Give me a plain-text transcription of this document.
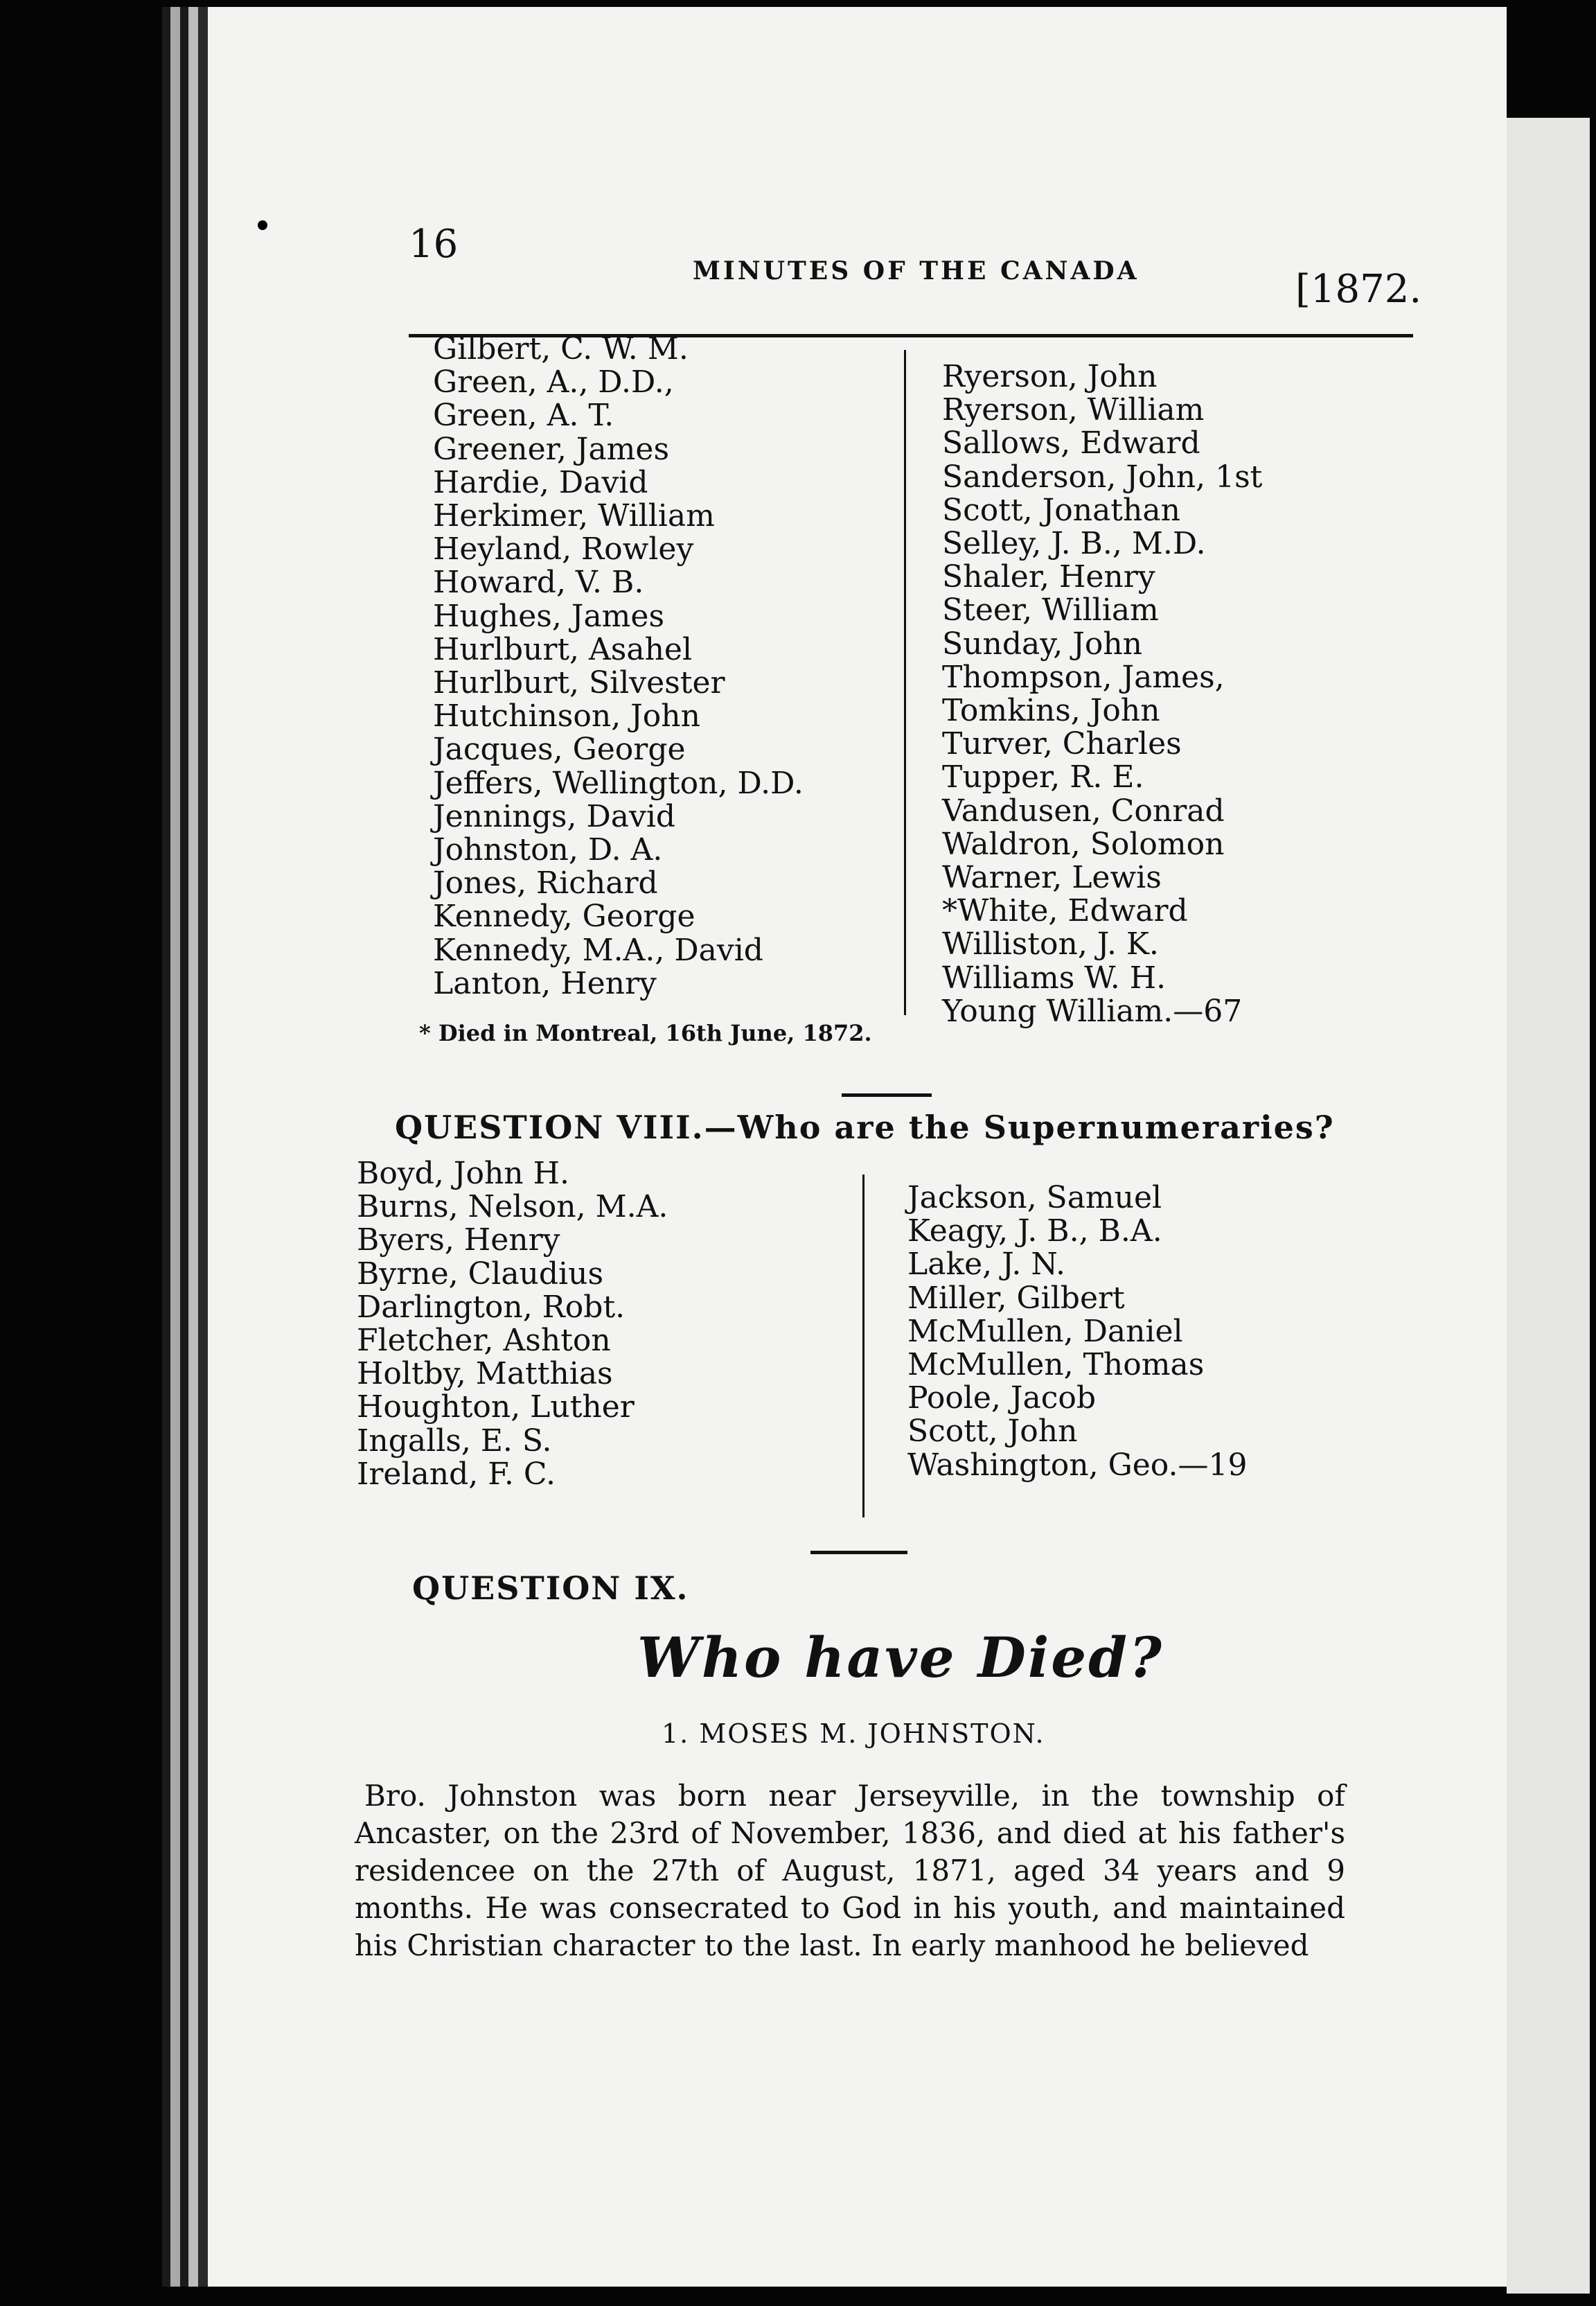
16
MINUTES OF THE CANADA	[1872.
Gilbert, C. W. M.
Green, A., D.D.,
Green, A. T.
Greener, James
Hardie, David
Herkimer, William
Heyland, Rowley
Howard, V. B.
Hughes, James
Hurlburt, Asahel
Hurlburt, Silvester
Hutchinson, John
Jacques, George
Jeffers, Wellington, D.D.
Jennings, David
Johnston, D. A.
Jones, Richard
Kennedy, George
Kennedy, M.A., David
Lanton, Henry
Ryerson, John
Ryerson, William
Sallows, Edward
Sanderson, John, 1st
Scott, Jonathan
Selley, J. B., M.D.
Shaler, Henry
Steer, William
Sunday, John
Thompson, James,
Tomkins, John
Turver, Charles
Tupper, R. E.
Vandusen, Conrad
Waldron, Solomon
Warner, Lewis
*White, Edward
Williston, J. K.
Williams W. H.
Young William.—67
* Died in Montreal, 16th June, 1872.
QUESTION VIII.—Who are the Supernumeraries?
Boyd, John H.
Burns, Nelson, M.A.
Byers, Henry
Byrne, Claudius
Darlington, Robt.
Fletcher, Ashton
Holtby, Matthias
Houghton, Luther
Ingalls, E. S.
Ireland, F. C.
Jackson, Samuel
Keagy, J. B., B.A.
Lake, J. N.
Miller, Gilbert
McMullen, Daniel
McMullen, Thomas
Poole, Jacob
Scott, John
Washington, Geo.—19
QUESTION IX.
Who have Died?
1. MOSES M. JOHNSTON.
Bro. Johnston was born near Jerseyville, in the township of Ancaster, on the 23rd of November, 1836, and died at his father's residencee on the 27th of August, 1871, aged 34 years and 9 months. He was consecrated to God in his youth, and maintained his Christian character to the last. In early manhood he believed
